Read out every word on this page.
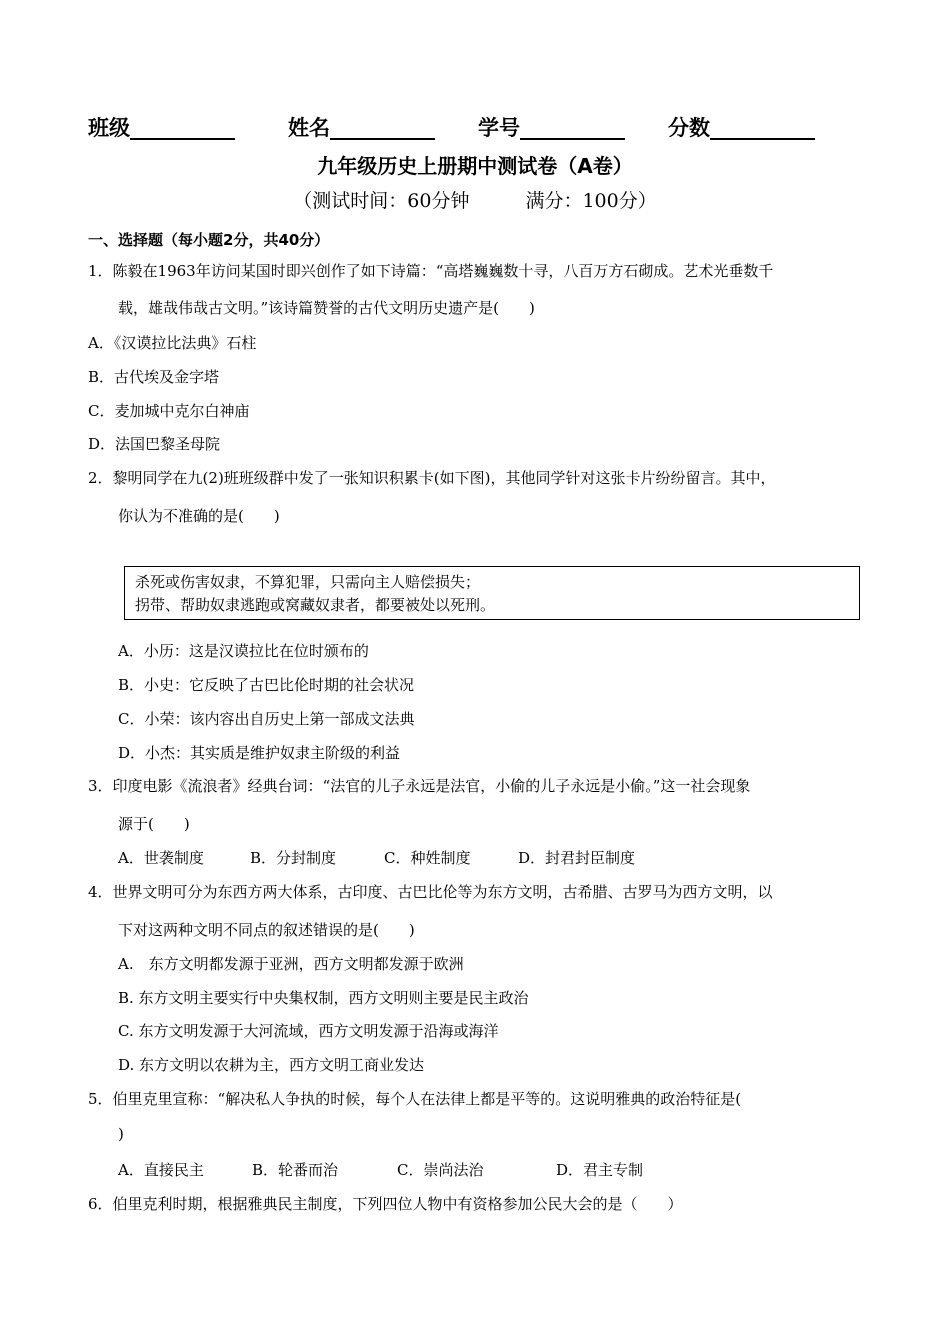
班级__________	姓名__________ 学号__________ 分数__________
九年级历史上册期中测试卷（A卷）
（测试时间：60分钟	满分：100分）
一、选择题（每小题2分，共40分）
1．陈毅在1963年访问某国时即兴创作了如下诗篇：“高塔巍巍数十寻，八百万方石砌成。艺术光垂数千
载，雄哉伟哉古文明。”该诗篇赞誉的古代文明历史遗产是(　　)
A．《汉谟拉比法典》石柱
B．古代埃及金字塔
C．麦加城中克尔白神庙
D．法国巴黎圣母院
2．黎明同学在九(2)班班级群中发了一张知识积累卡(如下图)，其他同学针对这张卡片纷纷留言。其中，
你认为不准确的是(　　)
杀死或伤害奴隶，不算犯罪，只需向主人赔偿损失；
拐带、帮助奴隶逃跑或窝藏奴隶者，都要被处以死刑。
A．小历：这是汉谟拉比在位时颁布的
B．小史：它反映了古巴比伦时期的社会状况
C．小荣：该内容出自历史上第一部成文法典
D．小杰：其实质是维护奴隶主阶级的利益
3．印度电影《流浪者》经典台词：“法官的儿子永远是法官，小偷的儿子永远是小偷。”这一社会现象
源于(　　)
A．世袭制度	B．分封制度	C．种姓制度	D．封君封臣制度
4．世界文明可分为东西方两大体系，古印度、古巴比伦等为东方文明，古希腊、古罗马为西方文明，以
下对这两种文明不同点的叙述错误的是(　　)
A.　东方文明都发源于亚洲，西方文明都发源于欧洲
B. 东方文明主要实行中央集权制，西方文明则主要是民主政治
C. 东方文明发源于大河流域，西方文明发源于沿海或海洋
D. 东方文明以农耕为主，西方文明工商业发达
5．伯里克里宣称：“解决私人争执的时候，每个人在法律上都是平等的。这说明雅典的政治特征是(
)
A．直接民主	B．轮番而治	C．崇尚法治	D．君主专制
6．伯里克利时期，根据雅典民主制度，下列四位人物中有资格参加公民大会的是（　　）
